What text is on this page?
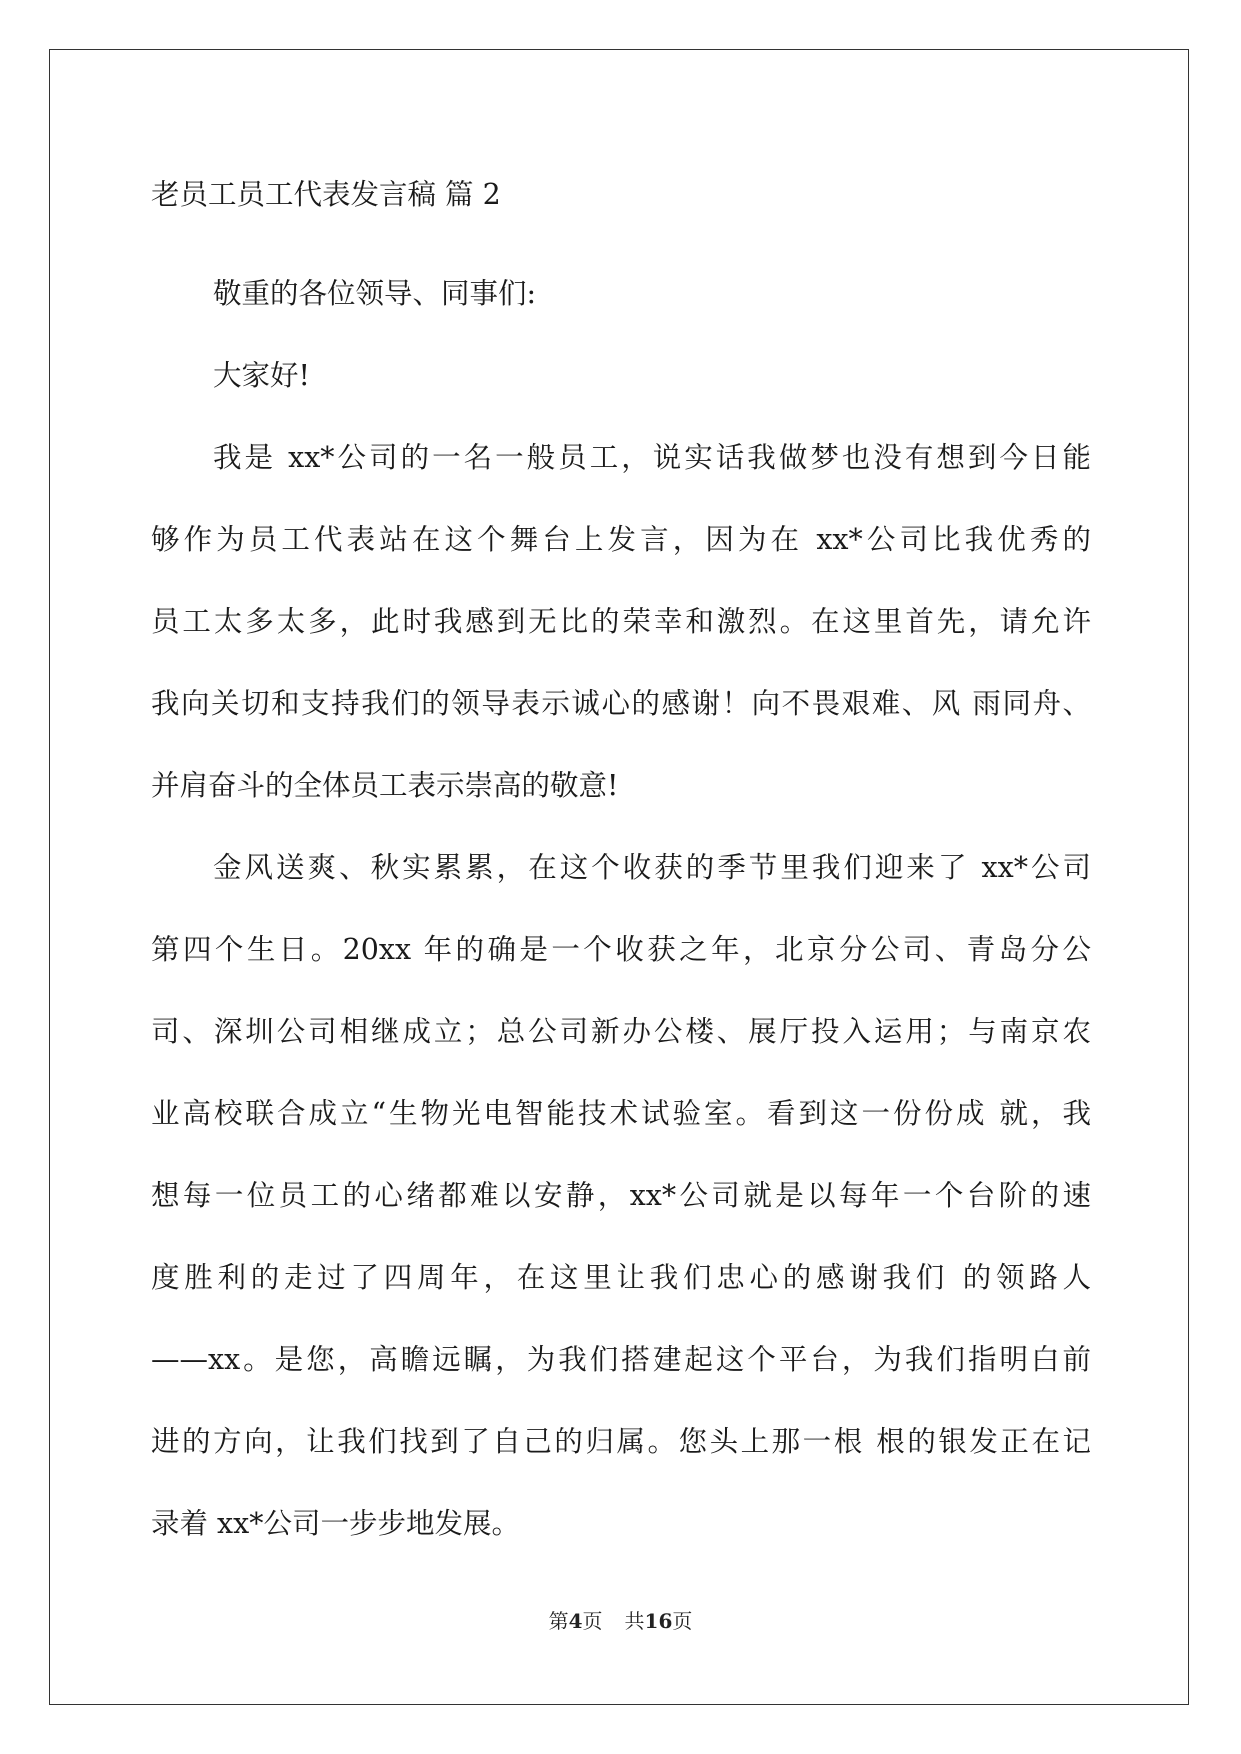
老员工员工代表发言稿 篇 2
敬重的各位领导、同事们:
大家好!
我是 xx*公司的一名一般员工，说实话我做梦也没有想到今日能
够作为员工代表站在这个舞台上发言，因为在 xx*公司比我优秀的
员工太多太多，此时我感到无比的荣幸和激烈。在这里首先，请允许
我向关切和支持我们的领导表示诚心的感谢！向不畏艰难、风 雨同舟、
并肩奋斗的全体员工表示崇高的敬意!
金风送爽、秋实累累，在这个收获的季节里我们迎来了 xx*公司
第四个生日。20xx 年的确是一个收获之年，北京分公司、青岛分公
司、深圳公司相继成立；总公司新办公楼、展厅投入运用；与南京农
业高校联合成立“生物光电智能技术试验室。看到这一份份成 就，我
想每一位员工的心绪都难以安静，xx*公司就是以每年一个台阶的速
度胜利的走过了四周年，在这里让我们忠心的感谢我们 的领路人
——xx。是您，高瞻远瞩，为我们搭建起这个平台，为我们指明白前
进的方向，让我们找到了自己的归属。您头上那一根 根的银发正在记
录着 xx*公司一步步地发展。
第4页 共16页
